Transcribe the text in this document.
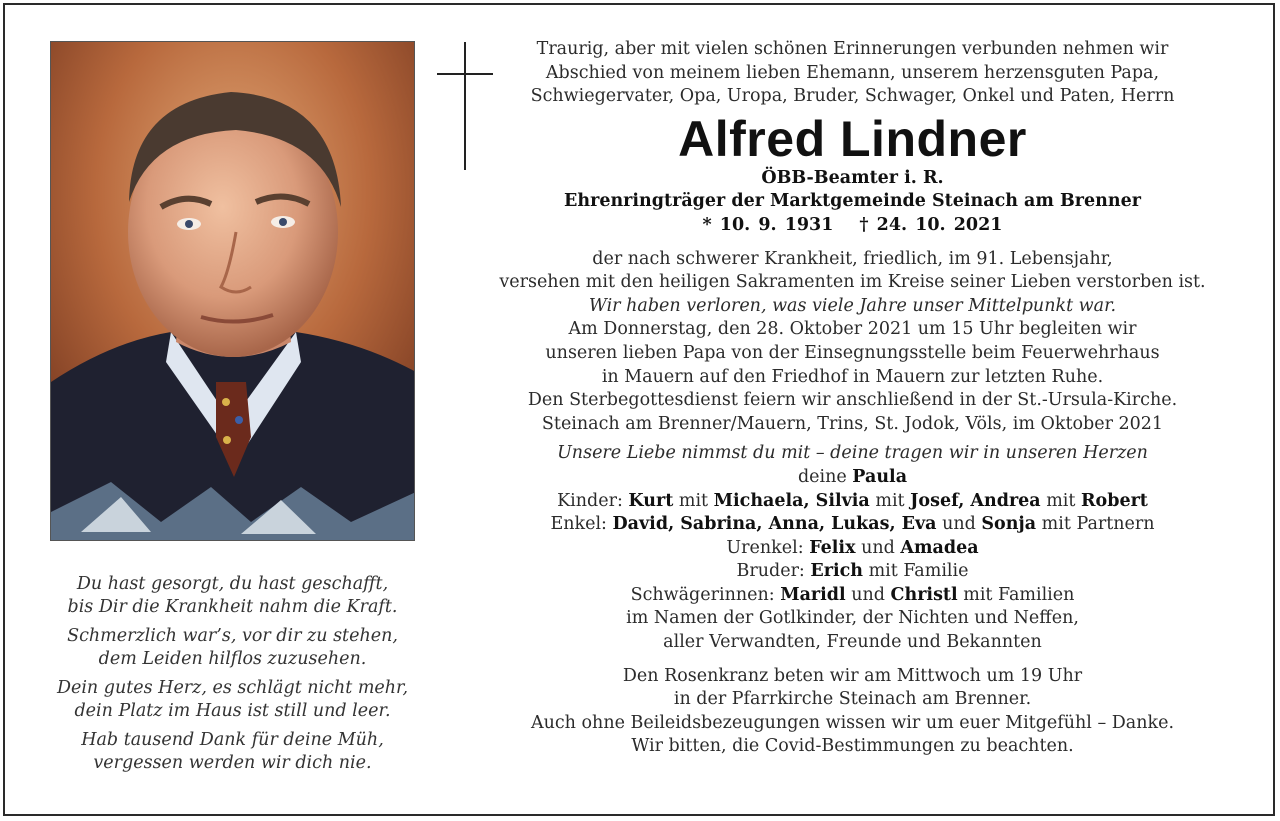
Du hast gesorgt, du hast geschafft,
bis Dir die Krankheit nahm die Kraft.
Schmerzlich war’s, vor dir zu stehen,
dem Leiden hilflos zuzusehen.
Dein gutes Herz, es schlägt nicht mehr,
dein Platz im Haus ist still und leer.
Hab tausend Dank für deine Müh,
vergessen werden wir dich nie.
Traurig, aber mit vielen schönen Erinnerungen verbunden nehmen wir
Abschied von meinem lieben Ehemann, unserem herzensguten Papa,
Schwiegervater, Opa, Uropa, Bruder, Schwager, Onkel und Paten, Herrn
Alfred Lindner
ÖBB-Beamter i. R.
Ehrenringträger der Marktgemeinde Steinach am Brenner
* 10. 9. 1931 † 24. 10. 2021
der nach schwerer Krankheit, friedlich, im 91. Lebensjahr,
versehen mit den heiligen Sakramenten im Kreise seiner Lieben verstorben ist.
Wir haben verloren, was viele Jahre unser Mittelpunkt war.
Am Donnerstag, den 28. Oktober 2021 um 15 Uhr begleiten wir
unseren lieben Papa von der Einsegnungsstelle beim Feuerwehrhaus
in Mauern auf den Friedhof in Mauern zur letzten Ruhe.
Den Sterbegottesdienst feiern wir anschließend in der St.-Ursula-Kirche.
Steinach am Brenner/Mauern, Trins, St. Jodok, Völs, im Oktober 2021
Unsere Liebe nimmst du mit – deine tragen wir in unseren Herzen
deine Paula
Kinder: Kurt mit Michaela, Silvia mit Josef, Andrea mit Robert
Enkel: David, Sabrina, Anna, Lukas, Eva und Sonja mit Partnern
Urenkel: Felix und Amadea
Bruder: Erich mit Familie
Schwägerinnen: Maridl und Christl mit Familien
im Namen der Gotlkinder, der Nichten und Neffen,
aller Verwandten, Freunde und Bekannten
Den Rosenkranz beten wir am Mittwoch um 19 Uhr
in der Pfarrkirche Steinach am Brenner.
Auch ohne Beileidsbezeugungen wissen wir um euer Mitgefühl – Danke.
Wir bitten, die Covid-Bestimmungen zu beachten.
